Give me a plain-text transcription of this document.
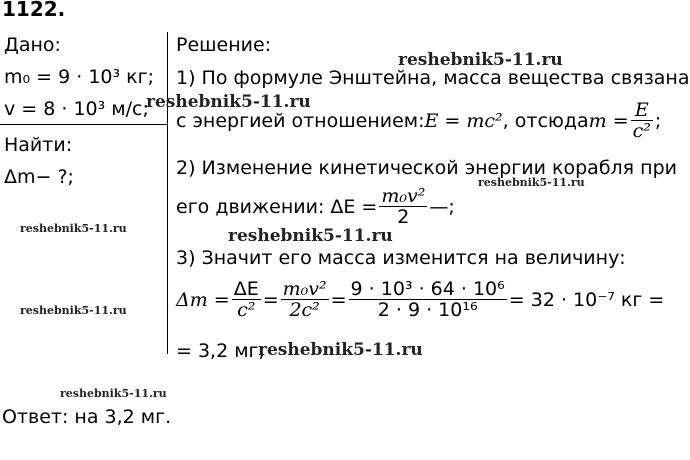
1122.
Дано:
m₀ = 9 · 10³ кг;
v = 8 · 10³ м/с;
Найти:
Δm− ?;
Решение:
1) По формуле Энштейна, масса вещества связана
с энергией отношением: E = mc² , отсюда $m = \frac{E}{\text{c²}}$ ;
2) Изменение кинетической энергии корабля при
его движении: $\Delta E = \frac{\text{m₀v²}}{2}$ —;
3) Значит его масса изменится на величину:
$\Delta m = \frac{\Delta E}{\text{c²}} = \frac{\text{m₀v²}}{\text{2c²}} = \frac{\text{9 · 10³ · 64 · 10⁶}}{\text{2 · 9 · 10¹⁶}} = 32 \cdot 10^{-7}$ кг =
= 3,2 мг;
Ответ: на 3,2 мг.
reshebnik5-11.ru
reshebnik5-11.ru
reshebnik5-11.ru
reshebnik5-11.ru	reshebnik5-11.ru
reshebnik5-11.ru
reshebnik5-11.ru
reshebnik5-11.ru
